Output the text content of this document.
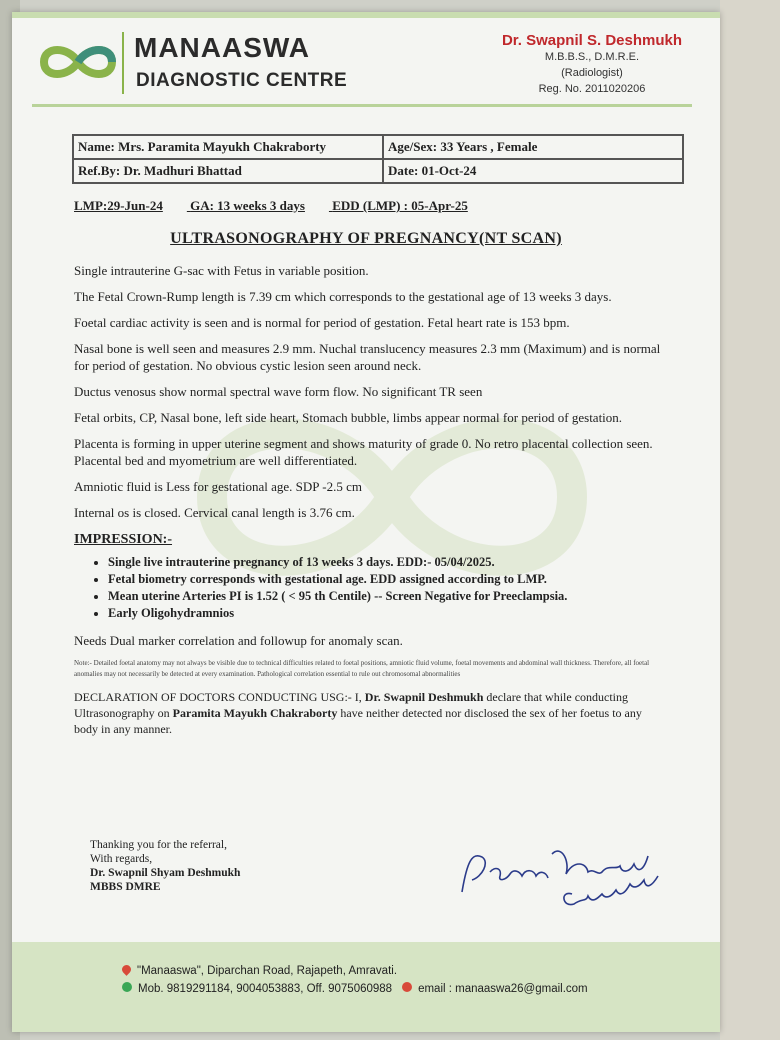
MANAASWA
DIAGNOSTIC CENTRE
Dr. Swapnil S. Deshmukh
M.B.B.S., D.M.R.E.
(Radiologist)
Reg. No. 2011020206
Name: Mrs. Paramita Mayukh Chakraborty	Age/Sex: 33 Years , Female
Ref.By: Dr. Madhuri Bhattad	Date: 01-Oct-24
LMP:29-Jun-24 GA: 13 weeks 3 days EDD (LMP) : 05-Apr-25
ULTRASONOGRAPHY OF PREGNANCY(NT SCAN)

Single intrauterine G-sac with Fetus in variable position.

The Fetal Crown-Rump length is 7.39 cm which corresponds to the gestational age of 13 weeks 3 days.

Foetal cardiac activity is seen and is normal for period of gestation. Fetal heart rate is 153 bpm.

Nasal bone is well seen and measures 2.9 mm. Nuchal translucency measures 2.3 mm (Maximum) and is normal for period of gestation. No obvious cystic lesion seen around neck.

Ductus venosus show normal spectral wave form flow. No significant TR seen

Fetal orbits, CP, Nasal bone, left side heart, Stomach bubble, limbs appear normal for period of gestation.

Placenta is forming in upper uterine segment and shows maturity of grade 0. No retro placental collection seen. Placental bed and myometrium are well differentiated.

Amniotic fluid is Less for gestational age. SDP -2.5 cm

Internal os is closed. Cervical canal length is 3.76 cm.

IMPRESSION:-
• Single live intrauterine pregnancy of 13 weeks 3 days. EDD:- 05/04/2025.
• Fetal biometry corresponds with gestational age. EDD assigned according to LMP.
• Mean uterine Arteries PI is 1.52 ( < 95 th Centile) -- Screen Negative for Preeclampsia.
• Early Oligohydramnios

Needs Dual marker correlation and followup for anomaly scan.

Note:- Detailed foetal anatomy may not always be visible due to technical difficulties related to foetal positions, amniotic fluid volume, foetal movements and abdominal wall thickness. Therefore, all foetal anomalies may not necessarily be detected at every examination. Pathological correlation essential to rule out chromosomal abnormalities

DECLARATION OF DOCTORS CONDUCTING USG:- I, Dr. Swapnil Deshmukh declare that while conducting Ultrasonography on Paramita Mayukh Chakraborty have neither detected nor disclosed the sex of her foetus to any body in any manner.

Thanking you for the referral,
With regards,
Dr. Swapnil Shyam Deshmukh
MBBS DMRE
"Manaaswa", Diparchan Road, Rajapeth, Amravati.
Mob. 9819291184, 9004053883, Off. 9075060988 email : manaaswa26@gmail.com
